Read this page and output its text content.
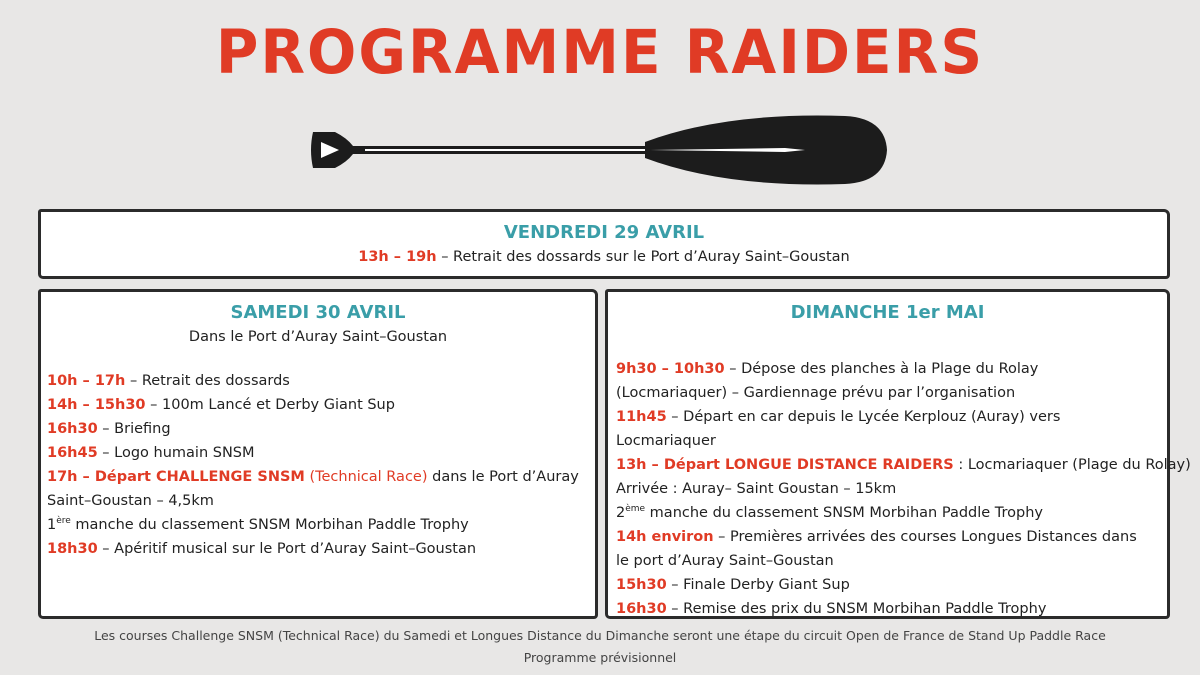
PROGRAMME RAIDERS
VENDREDI 29 AVRIL
13h – 19h – Retrait des dossards sur le Port d’Auray Saint–Goustan
SAMEDI 30 AVRIL
Dans le Port d’Auray Saint–Goustan
10h – 17h – Retrait des dossards
14h – 15h30 – 100m Lancé et Derby Giant Sup
16h30 – Briefing
16h45 – Logo humain SNSM
17h – Départ CHALLENGE SNSM (Technical Race) dans le Port d’Auray
Saint–Goustan – 4,5km
1ère manche du classement SNSM Morbihan Paddle Trophy
18h30 – Apéritif musical sur le Port d’Auray Saint–Goustan
DIMANCHE 1er MAI
9h30 – 10h30 – Dépose des planches à la Plage du Rolay
(Locmariaquer) – Gardiennage prévu par l’organisation
11h45 – Départ en car depuis le Lycée Kerplouz (Auray) vers
Locmariaquer
13h – Départ LONGUE DISTANCE RAIDERS : Locmariaquer (Plage du Rolay)
Arrivée : Auray– Saint Goustan – 15km
2ème manche du classement SNSM Morbihan Paddle Trophy
14h environ – Premières arrivées des courses Longues Distances dans
le port d’Auray Saint–Goustan
15h30 – Finale Derby Giant Sup
16h30 – Remise des prix du SNSM Morbihan Paddle Trophy
Les courses Challenge SNSM (Technical Race) du Samedi et Longues Distance du Dimanche seront une étape du circuit Open de France de Stand Up Paddle Race
Programme prévisionnel
